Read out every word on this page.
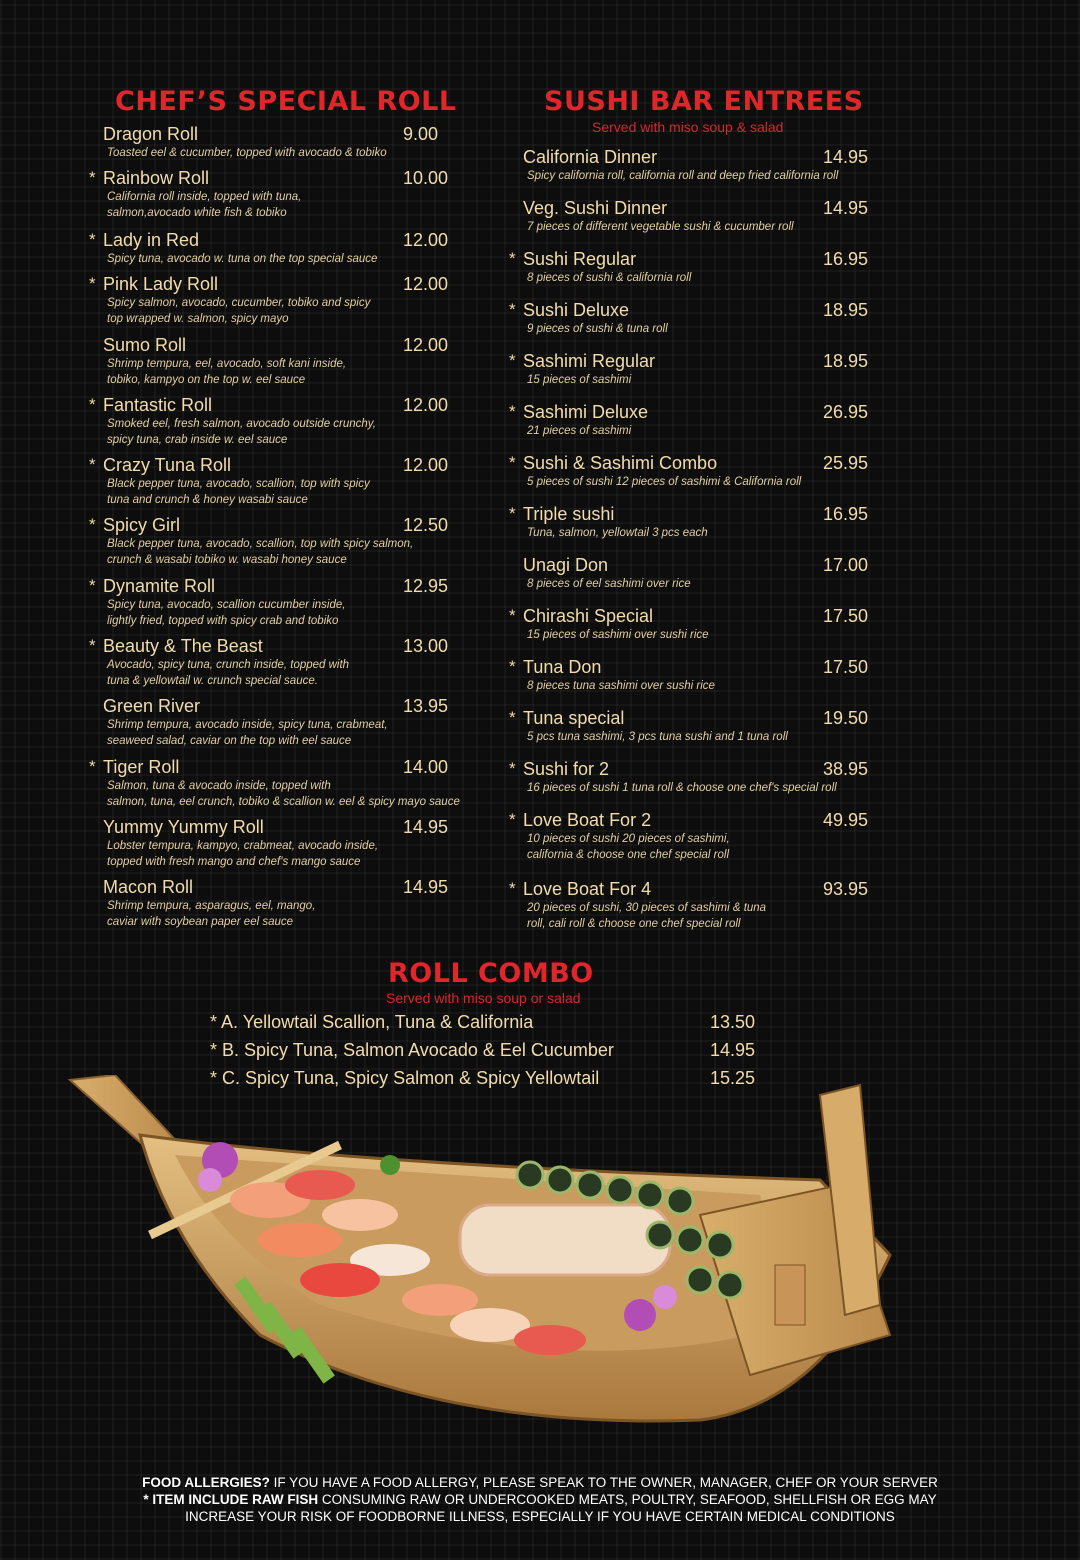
CHEF’S SPECIAL ROLL	SUSHI BAR ENTREES
Served with miso soup & salad
Dragon Roll	9.00
Toasted eel & cucumber, topped with avocado & tobiko
* Rainbow Roll	10.00
California roll inside, topped with tuna,
salmon,avocado white fish & tobiko
* Lady in Red	12.00
Spicy tuna, avocado w. tuna on the top special sauce
* Pink Lady Roll	12.00
Spicy salmon, avocado, cucumber, tobiko and spicy
top wrapped w. salmon, spicy mayo
Sumo Roll	12.00
Shrimp tempura, eel, avocado, soft kani inside,
tobiko, kampyo on the top w. eel sauce
* Fantastic Roll	12.00
Smoked eel, fresh salmon, avocado outside crunchy,
spicy tuna, crab inside w. eel sauce
* Crazy Tuna Roll	12.00
Black pepper tuna, avocado, scallion, top with spicy
tuna and crunch & honey wasabi sauce
* Spicy Girl	12.50
Black pepper tuna, avocado, scallion, top with spicy salmon,
crunch & wasabi tobiko w. wasabi honey sauce
* Dynamite Roll	12.95
Spicy tuna, avocado, scallion cucumber inside,
lightly fried, topped with spicy crab and tobiko
* Beauty & The Beast	13.00
Avocado, spicy tuna, crunch inside, topped with
tuna & yellowtail w. crunch special sauce.
Green River	13.95
Shrimp tempura, avocado inside, spicy tuna, crabmeat,
seaweed salad, caviar on the top with eel sauce
* Tiger Roll	14.00
Salmon, tuna & avocado inside, topped with
salmon, tuna, eel crunch, tobiko & scallion w. eel & spicy mayo sauce
Yummy Yummy Roll	14.95
Lobster tempura, kampyo, crabmeat, avocado inside,
topped with fresh mango and chef's mango sauce
Macon Roll	14.95
Shrimp tempura, asparagus, eel, mango,
caviar with soybean paper eel sauce
California Dinner	14.95
Spicy california roll, california roll and deep fried california roll
Veg. Sushi Dinner	14.95
7 pieces of different vegetable sushi & cucumber roll
* Sushi Regular	16.95
8 pieces of sushi & california roll
* Sushi Deluxe	18.95
9 pieces of sushi & tuna roll
* Sashimi Regular	18.95
15 pieces of sashimi
* Sashimi Deluxe	26.95
21 pieces of sashimi
* Sushi & Sashimi Combo	25.95
5 pieces of sushi 12 pieces of sashimi & California roll
* Triple sushi	16.95
Tuna, salmon, yellowtail 3 pcs each
Unagi Don	17.00
8 pieces of eel sashimi over rice
* Chirashi Special	17.50
15 pieces of sashimi over sushi rice
* Tuna Don	17.50
8 pieces tuna sashimi over sushi rice
* Tuna special	19.50
5 pcs tuna sashimi, 3 pcs tuna sushi and 1 tuna roll
* Sushi for 2	38.95
16 pieces of sushi 1 tuna roll & choose one chef's special roll
* Love Boat For 2	49.95
10 pieces of sushi 20 pieces of sashimi,
california & choose one chef special roll
* Love Boat For 4	93.95
20 pieces of sushi, 30 pieces of sashimi & tuna
roll, cali roll & choose one chef special roll
ROLL COMBO
Served with miso soup or salad
* A. Yellowtail Scallion, Tuna & California	13.50
* B. Spicy Tuna, Salmon Avocado & Eel Cucumber	14.95
* C. Spicy Tuna, Spicy Salmon & Spicy Yellowtail	15.25
FOOD ALLERGIES? IF YOU HAVE A FOOD ALLERGY, PLEASE SPEAK TO THE OWNER, MANAGER, CHEF OR YOUR SERVER
* ITEM INCLUDE RAW FISH CONSUMING RAW OR UNDERCOOKED MEATS, POULTRY, SEAFOOD, SHELLFISH OR EGG MAY
INCREASE YOUR RISK OF FOODBORNE ILLNESS, ESPECIALLY IF YOU HAVE CERTAIN MEDICAL CONDITIONS
